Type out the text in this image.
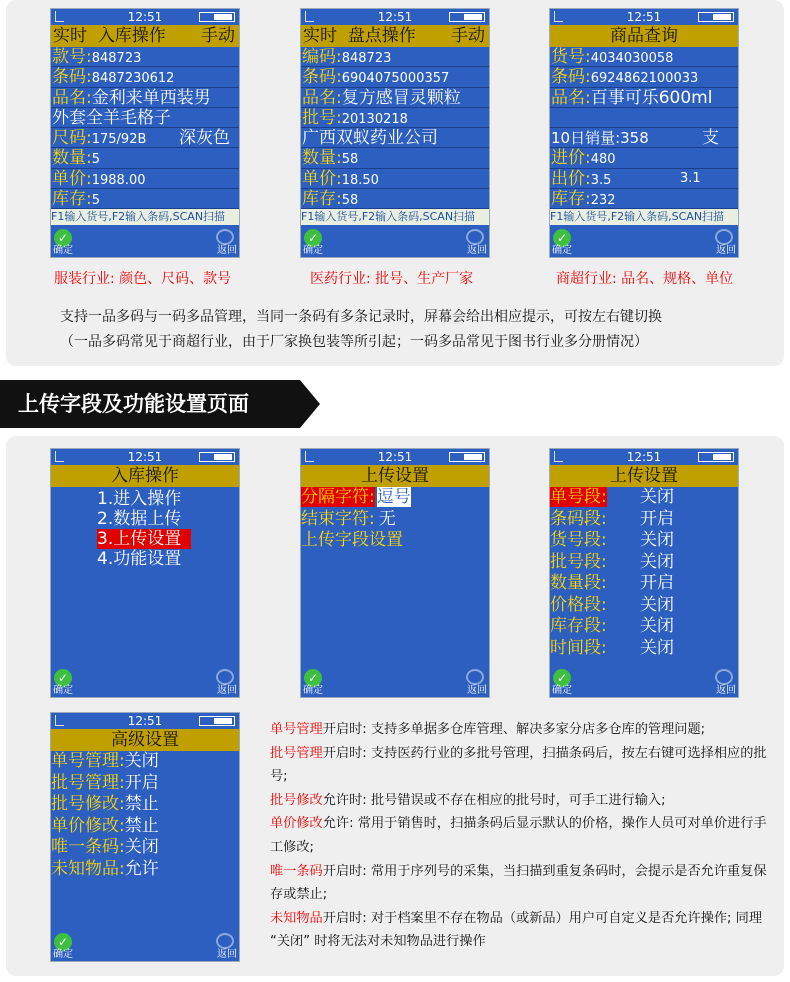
12:51
实时 入库操作 手动
款号:848723
条码:8487230612
品名:金利来单西装男
外套全羊毛格子
尺码:175/92B 深灰色
数量:5
单价:1988.00
库存:5
F1输入货号,F2输入条码,SCAN扫描
✓
确定	返回
12:51
实时 盘点操作 手动
编码:848723
条码:6904075000357
品名:复方感冒灵颗粒
批号:20130218
广西双蚁药业公司
数量:58
单价:18.50
库存:58
F1输入货号,F2输入条码,SCAN扫描
✓
确定	返回
12:51
商品查询
货号:4034030058
条码:6924862100033
品名:百事可乐600ml
10日销量:358	支
进价:480
出价:3.5	3.1
库存:232
F1输入货号,F2输入条码,SCAN扫描
✓
确定	返回
服装行业: 颜色、尺码、款号	医药行业: 批号、生产厂家	商超行业: 品名、规格、单位
支持一品多码与一码多品管理，当同一条码有多条记录时，屏幕会给出相应提示，可按左右键切换
（一品多码常见于商超行业，由于厂家换包装等所引起；一码多品常见于图书行业多分册情况）
上传字段及功能设置页面
12:51
入库操作
1.进入操作
2.数据上传
3.上传设置
4.功能设置
✓
确定	返回
12:51
上传设置
分隔字符: 逗号
结束字符: 无
上传字段设置
✓
确定	返回
12:51
上传设置
单号段: 关闭
条码段: 开启
货号段: 关闭
批号段: 关闭
数量段: 开启
价格段: 关闭
库存段: 关闭
时间段: 关闭
✓
确定	返回
12:51
高级设置
单号管理:关闭
批号管理:开启
批号修改:禁止
单价修改:禁止
唯一条码:关闭
未知物品:允许
✓
确定	返回
单号管理开启时: 支持多单据多仓库管理、解决多家分店多仓库的管理问题;
批号管理开启时: 支持医药行业的多批号管理，扫描条码后，按左右键可选择相应的批号;
批号修改允许时: 批号错误或不存在相应的批号时，可手工进行输入;
单价修改允许: 常用于销售时，扫描条码后显示默认的价格，操作人员可对单价进行手工修改;
唯一条码开启时: 常用于序列号的采集，当扫描到重复条码时，会提示是否允许重复保存或禁止;
未知物品开启时: 对于档案里不存在物品（或新品）用户可自定义是否允许操作; 同理 “关闭” 时将无法对未知物品进行操作
